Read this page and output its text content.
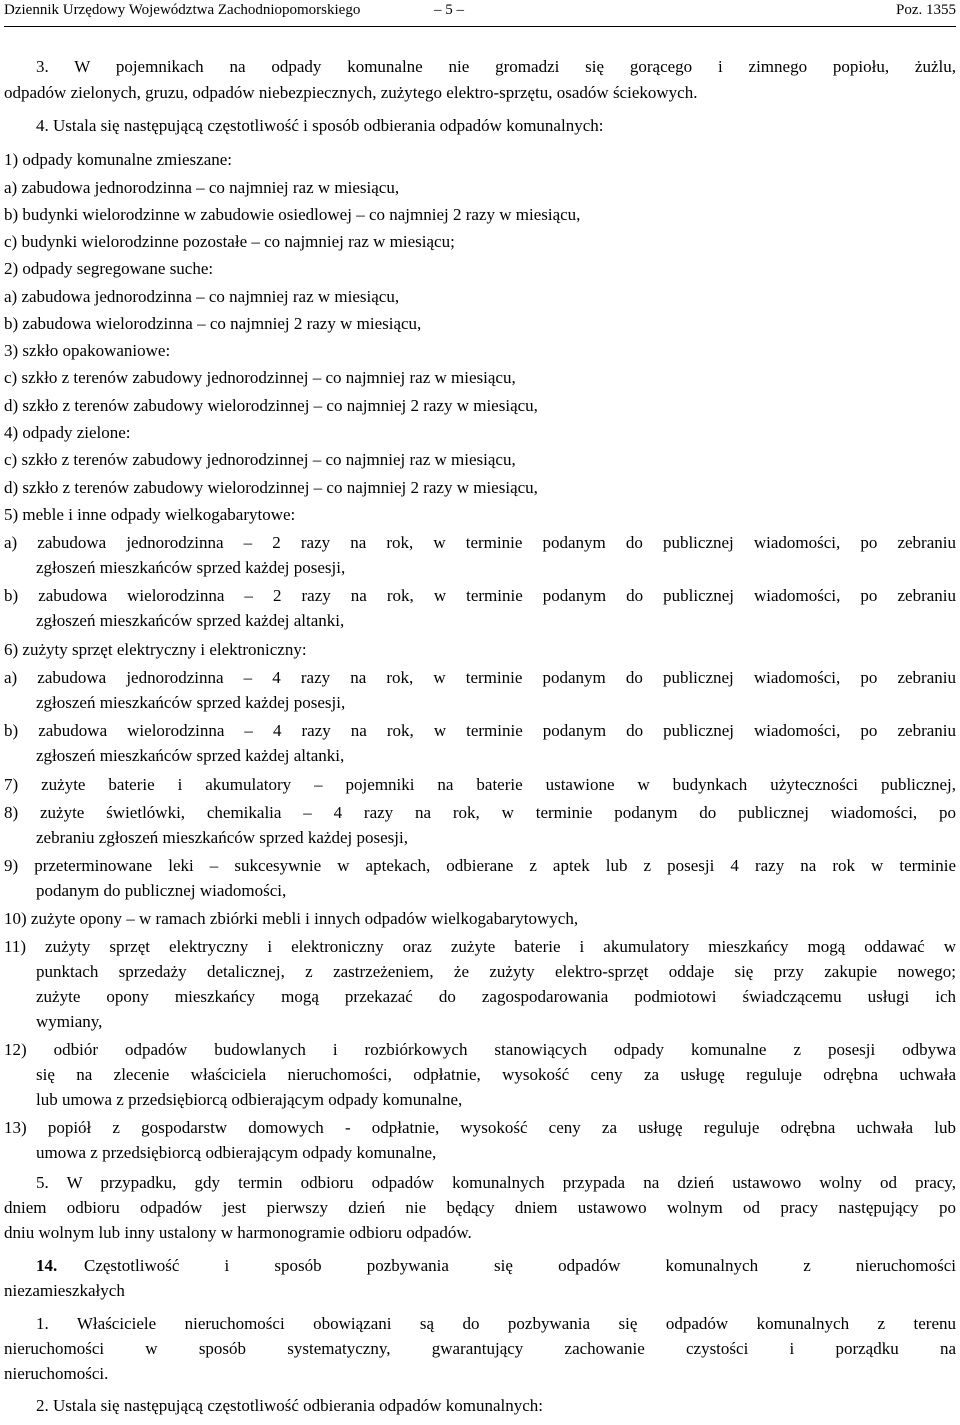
Dziennik Urzędowy Województwa Zachodniopomorskiego	– 5 –	Poz. 1355
3. W pojemnikach na odpady komunalne nie gromadzi się gorącego i zimnego popiołu, żużlu,
odpadów zielonych, gruzu, odpadów niebezpiecznych, zużytego elektro-sprzętu, osadów ściekowych.
4. Ustala się następującą częstotliwość i sposób odbierania odpadów komunalnych:
1) odpady komunalne zmieszane:
a) zabudowa jednorodzinna – co najmniej raz w miesiącu,
b) budynki wielorodzinne w zabudowie osiedlowej – co najmniej 2 razy w miesiącu,
c) budynki wielorodzinne pozostałe – co najmniej raz w miesiącu;
2) odpady segregowane suche:
a) zabudowa jednorodzinna – co najmniej raz w miesiącu,
b) zabudowa wielorodzinna – co najmniej 2 razy w miesiącu,
3) szkło opakowaniowe:
c) szkło z terenów zabudowy jednorodzinnej – co najmniej raz w miesiącu,
d) szkło z terenów zabudowy wielorodzinnej – co najmniej 2 razy w miesiącu,
4) odpady zielone:
c) szkło z terenów zabudowy jednorodzinnej – co najmniej raz w miesiącu,
d) szkło z terenów zabudowy wielorodzinnej – co najmniej 2 razy w miesiącu,
5) meble i inne odpady wielkogabarytowe:
a) zabudowa jednorodzinna – 2 razy na rok, w terminie podanym do publicznej wiadomości, po zebraniu
zgłoszeń mieszkańców sprzed każdej posesji,
b) zabudowa wielorodzinna – 2 razy na rok, w terminie podanym do publicznej wiadomości, po zebraniu
zgłoszeń mieszkańców sprzed każdej altanki,
6) zużyty sprzęt elektryczny i elektroniczny:
a) zabudowa jednorodzinna – 4 razy na rok, w terminie podanym do publicznej wiadomości, po zebraniu
zgłoszeń mieszkańców sprzed każdej posesji,
b) zabudowa wielorodzinna – 4 razy na rok, w terminie podanym do publicznej wiadomości, po zebraniu
zgłoszeń mieszkańców sprzed każdej altanki,
7) zużyte baterie i akumulatory – pojemniki na baterie ustawione w budynkach użyteczności publicznej,
8) zużyte świetlówki, chemikalia – 4 razy na rok, w terminie podanym do publicznej wiadomości, po
zebraniu zgłoszeń mieszkańców sprzed każdej posesji,
9) przeterminowane leki – sukcesywnie w aptekach, odbierane z aptek lub z posesji 4 razy na rok w terminie
podanym do publicznej wiadomości,
10) zużyte opony – w ramach zbiórki mebli i innych odpadów wielkogabarytowych,
11) zużyty sprzęt elektryczny i elektroniczny oraz zużyte baterie i akumulatory mieszkańcy mogą oddawać w
punktach sprzedaży detalicznej, z zastrzeżeniem, że zużyty elektro-sprzęt oddaje się przy zakupie nowego;
zużyte opony mieszkańcy mogą przekazać do zagospodarowania podmiotowi świadczącemu usługi ich
wymiany,
12) odbiór odpadów budowlanych i rozbiórkowych stanowiących odpady komunalne z posesji odbywa
się na zlecenie właściciela nieruchomości, odpłatnie, wysokość ceny za usługę reguluje odrębna uchwała
lub umowa z przedsiębiorcą odbierającym odpady komunalne,
13) popiół z gospodarstw domowych - odpłatnie, wysokość ceny za usługę reguluje odrębna uchwała lub
umowa z przedsiębiorcą odbierającym odpady komunalne,
5. W przypadku, gdy termin odbioru odpadów komunalnych przypada na dzień ustawowo wolny od pracy,
dniem odbioru odpadów jest pierwszy dzień nie będący dniem ustawowo wolnym od pracy następujący po
dniu wolnym lub inny ustalony w harmonogramie odbioru odpadów.
14.	Częstotliwość i sposób pozbywania się odpadów komunalnych z nieruchomości
niezamieszkałych
1. Właściciele nieruchomości obowiązani są do pozbywania się odpadów komunalnych z terenu
nieruchomości w sposób systematyczny, gwarantujący zachowanie czystości i porządku na
nieruchomości.
2. Ustala się następującą częstotliwość odbierania odpadów komunalnych:
